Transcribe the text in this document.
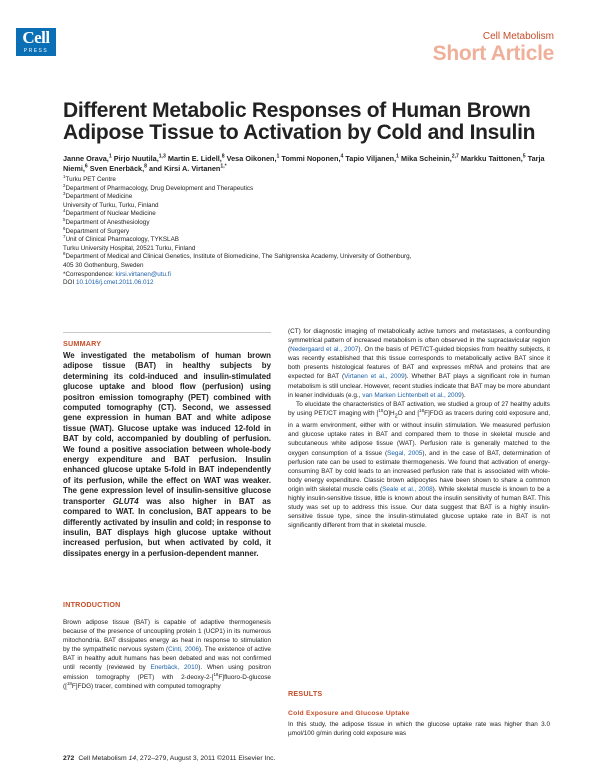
Cell
PRESS
Cell Metabolism
Short Article
Different Metabolic Responses of Human Brown Adipose Tissue to Activation by Cold and Insulin
Janne Orava,$^1$ Pirjo Nuutila,$^{1,3}$ Martin E. Lidell,$^8$ Vesa Oikonen,$^1$ Tommi Noponen,$^4$ Tapio Viljanen,$^1$ Mika Scheinin,$^{2,7}$ Markku Taittonen,$^5$ Tarja Niemi,$^6$ Sven Enerbäck,$^8$ and Kirsi A. Virtanen$^{1,*}$
$^1$Turku PET Centre
$^2$Department of Pharmacology, Drug Development and Therapeutics
$^3$Department of Medicine
University of Turku, Turku, Finland
$^4$Department of Nuclear Medicine
$^5$Department of Anesthesiology
$^6$Department of Surgery
$^7$Unit of Clinical Pharmacology, TYKSLAB
Turku University Hospital, 20521 Turku, Finland
$^8$Department of Medical and Clinical Genetics, Institute of Biomedicine, The Sahlgrenska Academy, University of Gothenburg,
405 30 Gothenburg, Sweden
*Correspondence: kirsi.virtanen@utu.fi
DOI 10.1016/j.cmet.2011.06.012
SUMMARY

We investigated the metabolism of human brown adipose tissue (BAT) in healthy subjects by determining its cold-induced and insulin-stimulated glucose uptake and blood flow (perfusion) using positron emission tomography (PET) combined with computed tomography (CT). Second, we assessed gene expression in human BAT and white adipose tissue (WAT). Glucose uptake was induced 12-fold in BAT by cold, accompanied by doubling of perfusion. We found a positive association between whole-body energy expenditure and BAT perfusion. Insulin enhanced glucose uptake 5-fold in BAT independently of its perfusion, while the effect on WAT was weaker. The gene expression level of insulin-sensitive glucose transporter GLUT4 was also higher in BAT as compared to WAT. In conclusion, BAT appears to be differently activated by insulin and cold; in response to insulin, BAT displays high glucose uptake without increased perfusion, but when activated by cold, it dissipates energy in a perfusion-dependent manner.

INTRODUCTION

Brown adipose tissue (BAT) is capable of adaptive thermogenesis because of the presence of uncoupling protein 1 (UCP1) in its numerous mitochondria. BAT dissipates energy as heat in response to stimulation by the sympathetic nervous system (Cinti, 2006). The existence of active BAT in healthy adult humans has been debated and was not confirmed until recently (reviewed by Enerbäck, 2010). When using positron emission tomography (PET) with 2-deoxy-2-[$^{18}$F]fluoro-D-glucose ([$^{18}$F]FDG) tracer, combined with computed tomography

(CT) for diagnostic imaging of metabolically active tumors and metastases, a confounding symmetrical pattern of increased metabolism is often observed in the supraclavicular region (Nedergaard et al., 2007). On the basis of PET/CT-guided biopsies from healthy subjects, it was recently established that this tissue corresponds to metabolically active BAT since it both presents histological features of BAT and expresses mRNA and proteins that are expected for BAT (Virtanen et al., 2009). Whether BAT plays a significant role in human metabolism is still unclear. However, recent studies indicate that BAT may be more abundant in leaner individuals (e.g., van Marken Lichtenbelt et al., 2009).

To elucidate the characteristics of BAT activation, we studied a group of 27 healthy adults by using PET/CT imaging with $[^{15}O]H_2O$ and [$^{18}$F]FDG as tracers during cold exposure and, in a warm environment, either with or without insulin stimulation. We measured perfusion and glucose uptake rates in BAT and compared them to those in skeletal muscle and subcutaneous white adipose tissue (WAT). Perfusion rate is generally matched to the oxygen consumption of a tissue (Segal, 2005), and in the case of BAT, determination of perfusion rate can be used to estimate thermogenesis. We found that activation of energy-consuming BAT by cold leads to an increased perfusion rate that is associated with whole-body energy expenditure. Classic brown adipocytes have been shown to share a common origin with skeletal muscle cells (Seale et al., 2008). While skeletal muscle is known to be a highly insulin-sensitive tissue, little is known about the insulin sensitivity of human BAT. This study was set up to address this issue. Our data suggest that BAT is a highly insulin-sensitive tissue type, since the insulin-stimulated glucose uptake rate in BAT is not significantly different from that in skeletal muscle.

RESULTS
Cold Exposure and Glucose Uptake

In this study, the adipose tissue in which the glucose uptake rate was higher than 3.0 µmol/100 g/min during cold exposure was

272 Cell Metabolism 14, 272–279, August 3, 2011 ©2011 Elsevier Inc.
